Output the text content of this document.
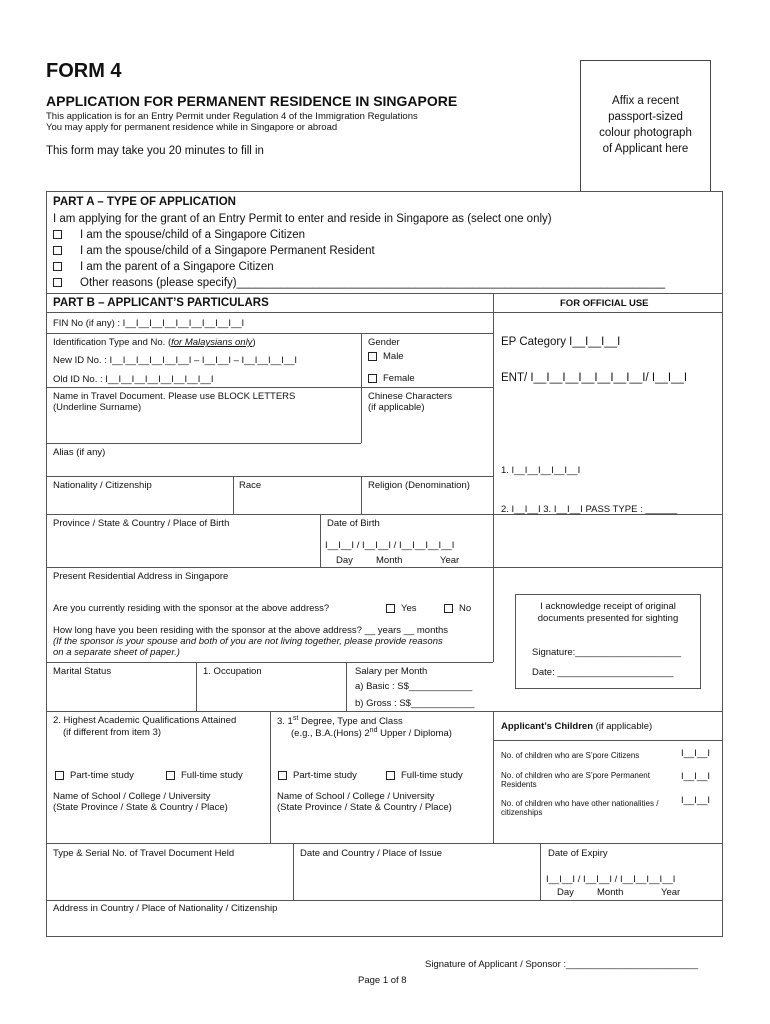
FORM 4
APPLICATION FOR PERMANENT RESIDENCE IN SINGAPORE
This application is for an Entry Permit under Regulation 4 of the Immigration Regulations
You may apply for permanent residence while in Singapore or abroad
This form may take you 20 minutes to fill in
Affix a recent
passport-sized
colour photograph
of Applicant here
PART A – TYPE OF APPLICATION
I am applying for the grant of an Entry Permit to enter and reside in Singapore as (select one only)
I am the spouse/child of a Singapore Citizen
I am the spouse/child of a Singapore Permanent Resident
I am the parent of a Singapore Citizen
Other reasons (please specify)___________________________________________________________________
PART B – APPLICANT’S PARTICULARS	FOR OFFICIAL USE
FIN No (if any) : I__I__I__I__I__I__I__I__I__I
Identification Type and No. (for Malaysians only)
New ID No. : I__I__I__I__I__I__I – I__I__I – I__I__I__I__I
Old ID No. : I__I__I__I__I__I__I__I__I
Gender
Male
Female
EP Category I__I__I__I
ENT/ I__I__I__I__I__I__I__I/ I__I__I
Name in Travel Document. Please use BLOCK LETTERS
(Underline Surname)
Chinese Characters
(if applicable)
Alias (if any)
1. I__I__I__I__I__I
Nationality / Citizenship	Race	Religion (Denomination)
2. I__I__I 3. I__I__I PASS TYPE : ______
Province / State & Country / Place of Birth	Date of Birth
I__I__I / I__I__I / I__I__I__I__I
Day Month	Year
Present Residential Address in Singapore
Are you currently residing with the sponsor at the above address?	Yes	No
How long have you been residing with the sponsor at the above address? __ years __ months
(If the sponsor is your spouse and both of you are not living together, please provide reasons
on a separate sheet of paper.)
I acknowledge receipt of original
documents presented for sighting
Signature:____________________
Date: ______________________
Marital Status	1. Occupation	Salary per Month
a) Basic : S$____________
b) Gross : S$____________
2. Highest Academic Qualifications Attained
(if different from item 3)
3. 1st Degree, Type and Class
(e.g., B.A.(Hons) 2nd Upper / Diploma)
Applicant’s Children (if applicable)
No. of children who are S’pore Citizens	I__I__I
No. of children who are S’pore Permanent
Residents
I__I__I
No. of children who have other nationalities /
citizenships
I__I__I
Part-time study	Full-time study
Name of School / College / University
(State Province / State & Country / Place)
Part-time study	Full-time study
Name of School / College / University
(State Province / State & Country / Place)
Type & Serial No. of Travel Document Held	Date and Country / Place of Issue	Date of Expiry
I__I__I / I__I__I / I__I__I__I__I
Day Month	Year
Address in Country / Place of Nationality / Citizenship
Signature of Applicant / Sponsor :_________________________
Page 1 of 8
